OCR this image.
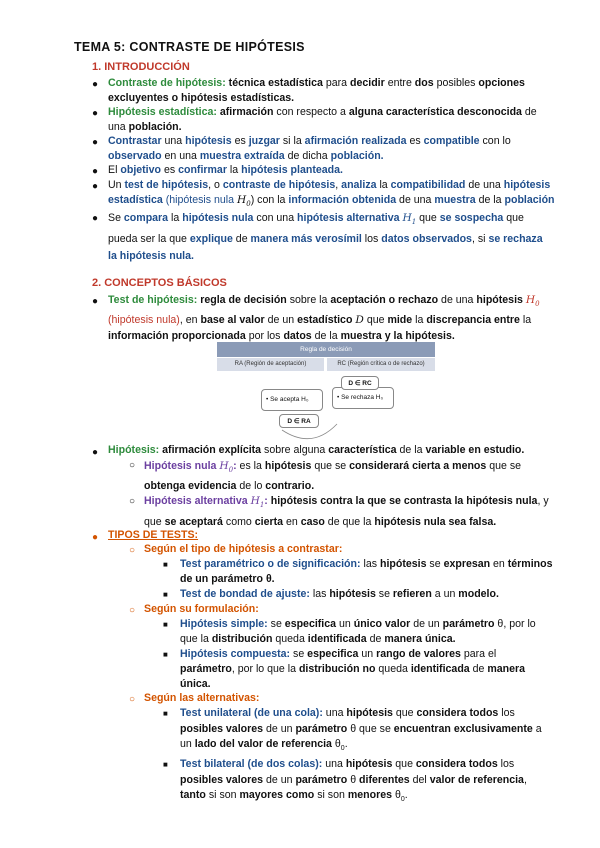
TEMA 5: CONTRASTE DE HIPÓTESIS
1. INTRODUCCIÓN
● Contraste de hipótesis: técnica estadística para decidir entre dos posibles opciones
excluyentes o hipótesis estadísticas.
● Hipótesis estadística: afirmación con respecto a alguna característica desconocida de
una población.
● Contrastar una hipótesis es juzgar si la afirmación realizada es compatible con lo
observado en una muestra extraída de dicha población.
● El objetivo es confirmar la hipótesis planteada.
● Un test de hipótesis, o contraste de hipótesis, analiza la compatibilidad de una hipótesis
estadística (hipótesis nula $H_0$) con la información obtenida de una muestra de la población
● Se compara la hipótesis nula con una hipótesis alternativa $H_1$ que se sospecha que
pueda ser la que explique de manera más verosímil los datos observados, si se rechaza
la hipótesis nula.
2. CONCEPTOS BÁSICOS
● Test de hipótesis: regla de decisión sobre la aceptación o rechazo de una hipótesis $H_0$
(hipótesis nula), en base al valor de un estadístico D que mide la discrepancia entre la
información proporcionada por los datos de la muestra y la hipótesis.
Regla de decisión
RA (Región de aceptación)	RC (Región crítica o de rechazo)
• Se acepta H₀	• Se rechaza H₀
D ∈ RC
D ∈ RA
● Hipótesis: afirmación explícita sobre alguna característica de la variable en estudio.
○ Hipótesis nula $H_0$: es la hipótesis que se considerará cierta a menos que se
obtenga evidencia de lo contrario.
○ Hipótesis alternativa $H_1$: hipótesis contra la que se contrasta la hipótesis nula, y
que se aceptará como cierta en caso de que la hipótesis nula sea falsa.
● TIPOS DE TESTS:
○ Según el tipo de hipótesis a contrastar:
■ Test paramétrico o de significación: las hipótesis se expresan en términos
de un parámetro θ.
■ Test de bondad de ajuste: las hipótesis se refieren a un modelo.
○ Según su formulación:
■ Hipótesis simple: se especifica un único valor de un parámetro θ, por lo
que la distribución queda identificada de manera única.
■ Hipótesis compuesta: se especifica un rango de valores para el
parámetro, por lo que la distribución no queda identificada de manera
única.
○ Según las alternativas:
■ Test unilateral (de una cola): una hipótesis que considera todos los
posibles valores de un parámetro θ que se encuentran exclusivamente a
un lado del valor de referencia $\theta_0$.
■ Test bilateral (de dos colas): una hipótesis que considera todos los
posibles valores de un parámetro θ diferentes del valor de referencia,
tanto si son mayores como si son menores $\theta_0$.
